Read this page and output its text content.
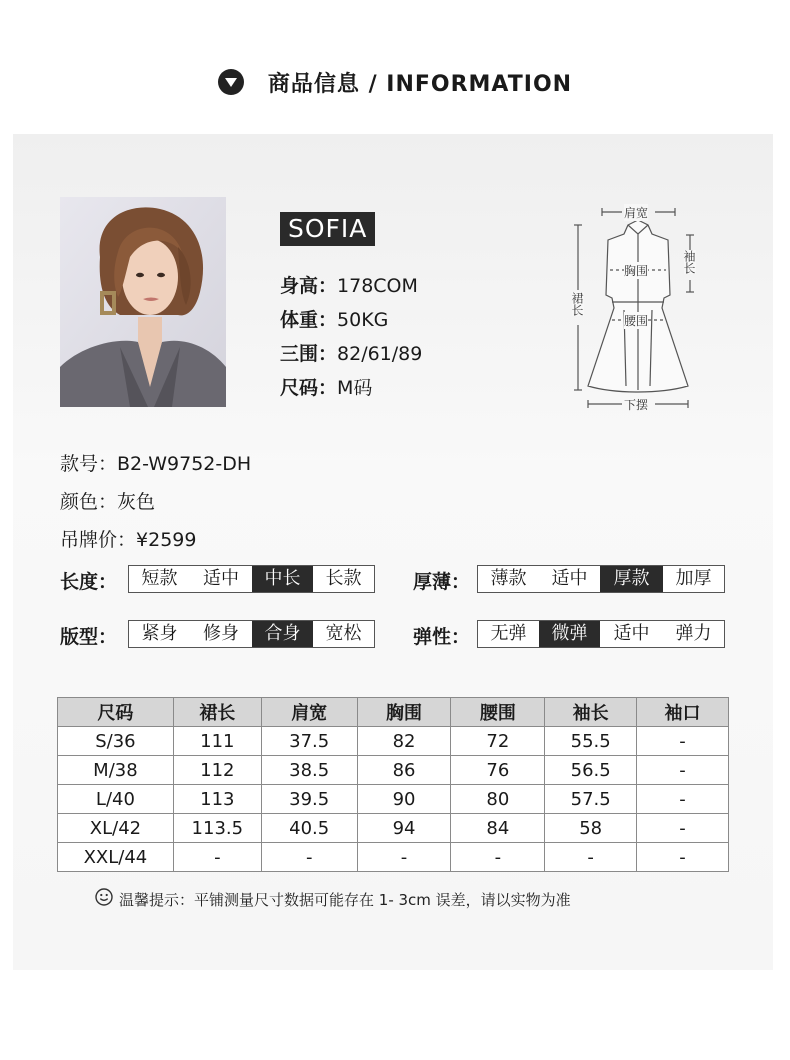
商品信息 / INFORMATION
SOFIA
身高：178COM
体重：50KG
三围：82/61/89
尺码：M码
肩宽
胸围
腰围
下摆
袖长
裙长
款号：B2-W9752-DH
颜色：灰色
吊牌价：¥2599
长度：	短款	适中	中长	长款	厚薄：	薄款	适中	厚款	加厚
版型：	紧身	修身	合身	宽松	弹性：	无弹	微弹	适中	弹力
尺码	裙长	肩宽	胸围	腰围	袖长	袖口
S/36	111	37.5	82	72	55.5	-
M/38	112	38.5	86	76	56.5	-
L/40	113	39.5	90	80	57.5	-
XL/42	113.5	40.5	94	84	58	-
XXL/44	-	-	-	-	-	-
温馨提示：平铺测量尺寸数据可能存在 1- 3cm 误差，请以实物为准
